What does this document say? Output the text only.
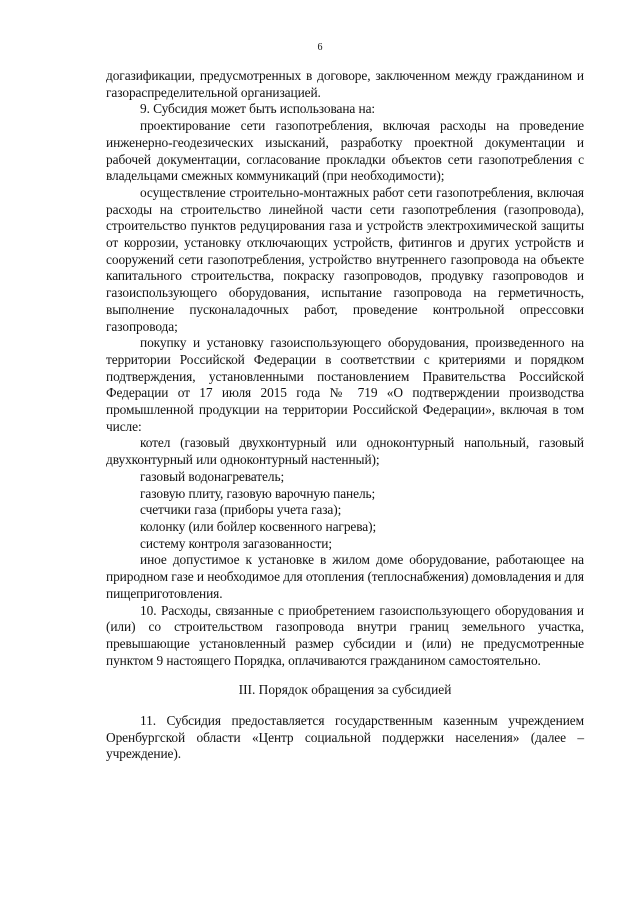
6

догазификации, предусмотренных в договоре, заключенном между гражданином и газораспределительной организацией.

9. Субсидия может быть использована на:

проектирование сети газопотребления, включая расходы на проведение инженерно-геодезических изысканий, разработку проектной документации и рабочей документации, согласование прокладки объектов сети газопотребления с владельцами смежных коммуникаций (при необходимости);

осуществление строительно-монтажных работ сети газопотребления, включая расходы на строительство линейной части сети газопотребления (газопровода), строительство пунктов редуцирования газа и устройств электрохимической защиты от коррозии, установку отключающих устройств, фитингов и других устройств и сооружений сети газопотребления, устройство внутреннего газопровода на объекте капитального строительства, покраску газопроводов, продувку газопроводов и газоиспользующего оборудования, испытание газопровода на герметичность, выполнение пусконаладочных работ, проведение контрольной опрессовки газопровода;

покупку и установку газоиспользующего оборудования, произведенного на территории Российской Федерации в соответствии с критериями и порядком подтверждения, установленными постановлением Правительства Российской Федерации от 17 июля 2015 года № 719 «О подтверждении производства промышленной продукции на территории Российской Федерации», включая в том числе:

котел (газовый двухконтурный или одноконтурный напольный, газовый двухконтурный или одноконтурный настенный);

газовый водонагреватель;

газовую плиту, газовую варочную панель;

счетчики газа (приборы учета газа);

колонку (или бойлер косвенного нагрева);

систему контроля загазованности;

иное допустимое к установке в жилом доме оборудование, работающее на природном газе и необходимое для отопления (теплоснабжения) домовладения и для пищеприготовления.

10. Расходы, связанные с приобретением газоиспользующего оборудования и (или) со строительством газопровода внутри границ земельного участка, превышающие установленный размер субсидии и (или) не предусмотренные пунктом 9 настоящего Порядка, оплачиваются гражданином самостоятельно.

III. Порядок обращения за субсидией

11. Субсидия предоставляется государственным казенным учреждением Оренбургской области «Центр социальной поддержки населения» (далее – учреждение).
